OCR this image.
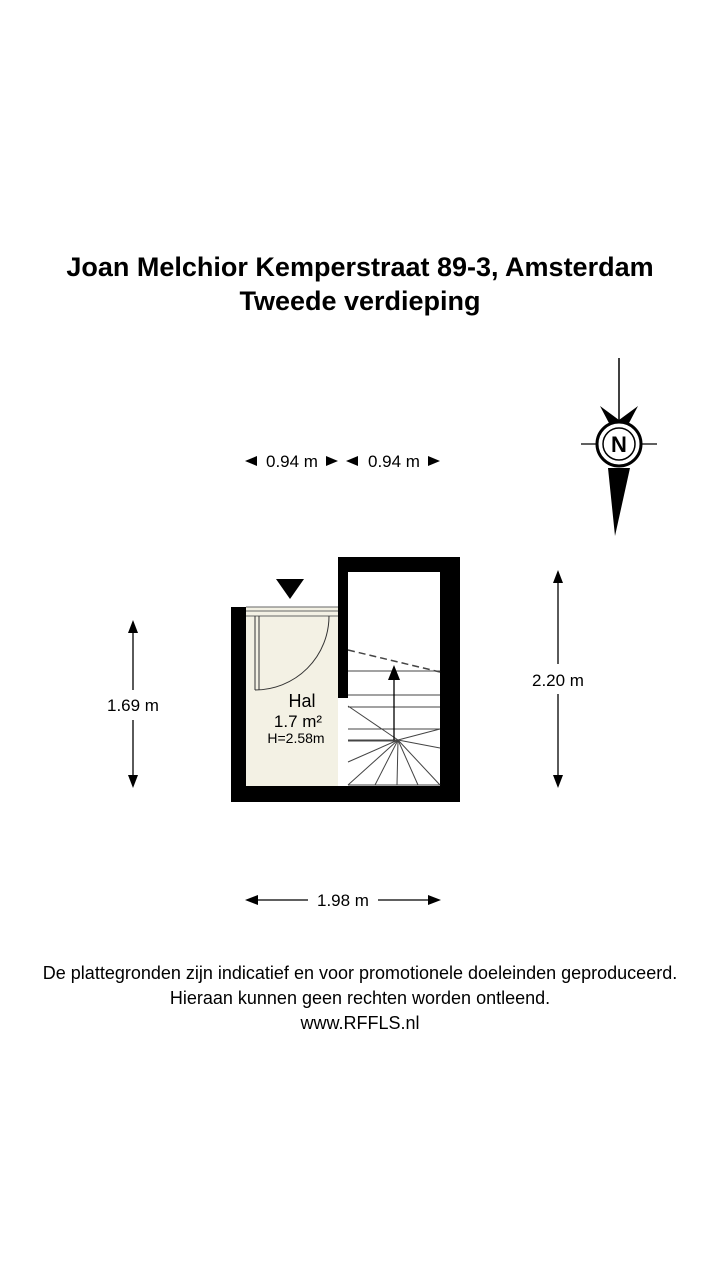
Joan Melchior Kemperstraat 89-3, Amsterdam
Tweede verdieping
N
0.94 m	0.94 m
1.69 m
2.20 m
1.98 m
Hal
1.7 m²
H=2.58m
De plattegronden zijn indicatief en voor promotionele doeleinden geproduceerd.
Hieraan kunnen geen rechten worden ontleend.
www.RFFLS.nl
